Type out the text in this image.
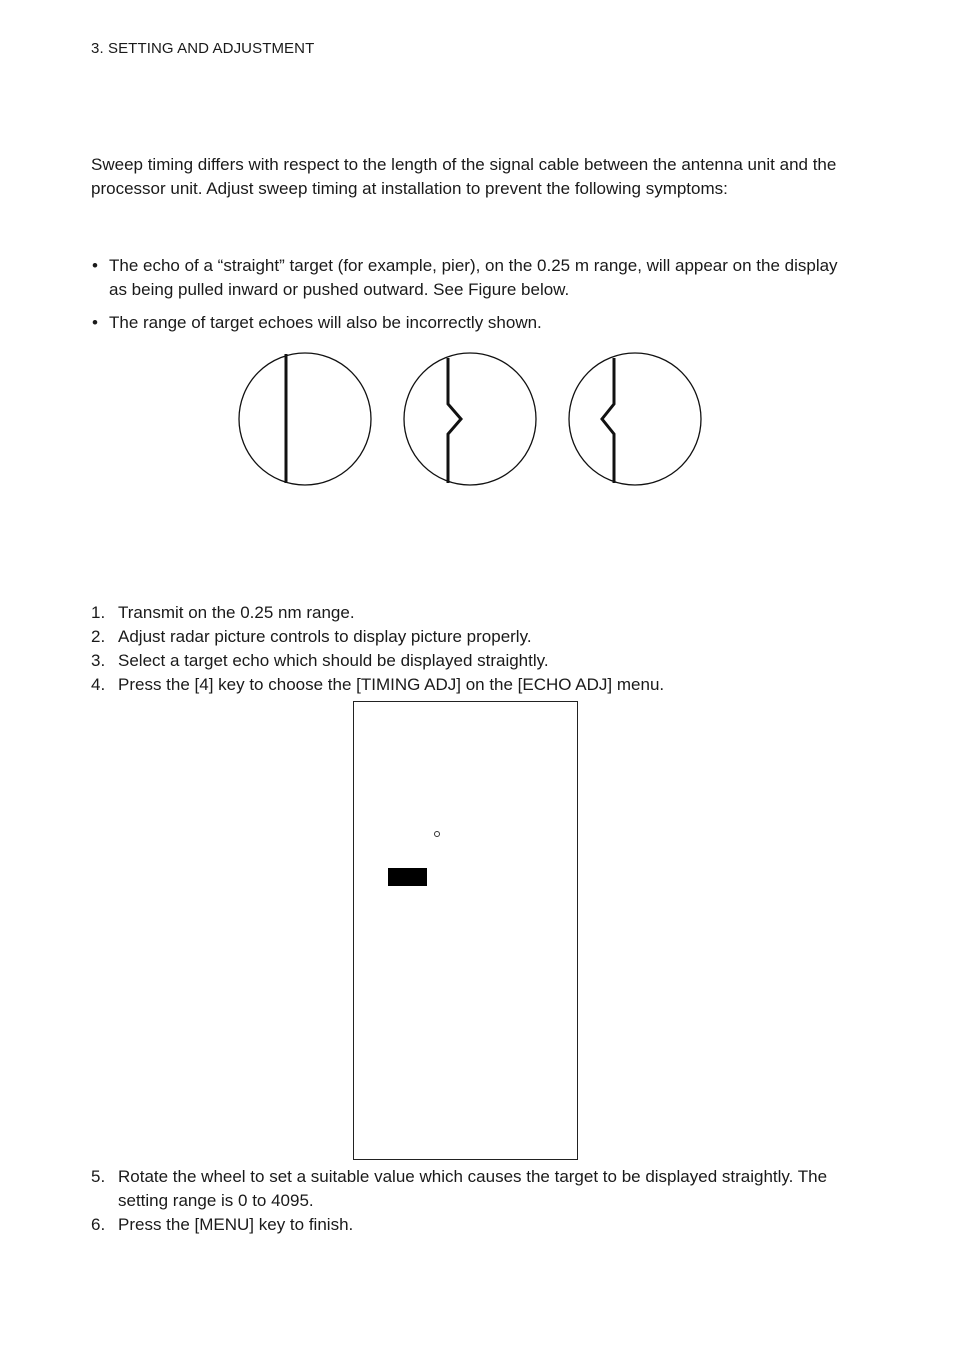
3. SETTING AND ADJUSTMENT
Sweep timing differs with respect to the length of the signal cable between the antenna unit and the processor unit. Adjust sweep timing at installation to prevent the following symptoms:
• The echo of a “straight” target (for example, pier), on the 0.25 m range, will appear on the display as being pulled inward or pushed outward. See Figure below.
• The range of target echoes will also be incorrectly shown.
1. Transmit on the 0.25 nm range.
2. Adjust radar picture controls to display picture properly.
3. Select a target echo which should be displayed straightly.
4. Press the [4] key to choose the [TIMING ADJ] on the [ECHO ADJ] menu.
5. Rotate the wheel to set a suitable value which causes the target to be displayed straightly. The setting range is 0 to 4095.
6. Press the [MENU] key to finish.
